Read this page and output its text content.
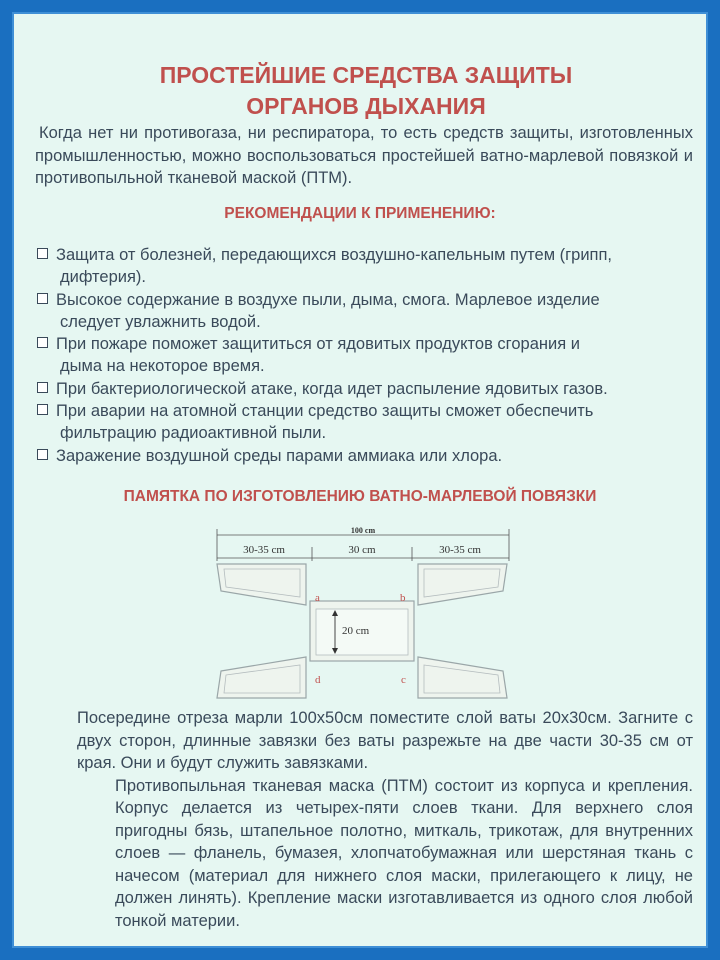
ПРОСТЕЙШИЕ СРЕДСТВА ЗАЩИТЫ
ОРГАНОВ ДЫХАНИЯ
Когда нет ни противогаза, ни респиратора, то есть средств защиты, изготовленных промышленностью, можно воспользоваться простейшей ватно-марлевой повязкой и противопыльной тканевой маской (ПТМ).
РЕКОМЕНДАЦИИ К ПРИМЕНЕНИЮ:
Защита от болезней, передающихся воздушно-капельным путем (грипп,
дифтерия).
Высокое содержание в воздухе пыли, дыма, смога. Марлевое изделие
следует увлажнить водой.
При пожаре поможет защититься от ядовитых продуктов сгорания и
дыма на некоторое время.
При бактериологической атаке, когда идет распыление ядовитых газов.
При аварии на атомной станции средство защиты сможет обеспечить
фильтрацию радиоактивной пыли.
Заражение воздушной среды парами аммиака или хлора.
ПАМЯТКА ПО ИЗГОТОВЛЕНИЮ ВАТНО-МАРЛЕВОЙ ПОВЯЗКИ
100 cm
30-35 cm	30 cm	30-35 cm
20 cm
a	b
c
d
Посередине отреза марли 100х50см поместите слой ваты 20х30см. Загните с двух сторон, длинные завязки без ваты разрежьте на две части 30-35 см от края. Они и будут служить завязками.
Противопыльная тканевая маска (ПТМ) состоит из корпуса и крепления. Корпус делается из четырех-пяти слоев ткани. Для верхнего слоя пригодны бязь, штапельное полотно, миткаль, трикотаж, для внутренних слоев — фланель, бумазея, хлопчатобумажная или шерстяная ткань с начесом (материал для нижнего слоя маски, прилегающего к лицу, не должен линять). Крепление маски изготавливается из одного слоя любой тонкой материи.
